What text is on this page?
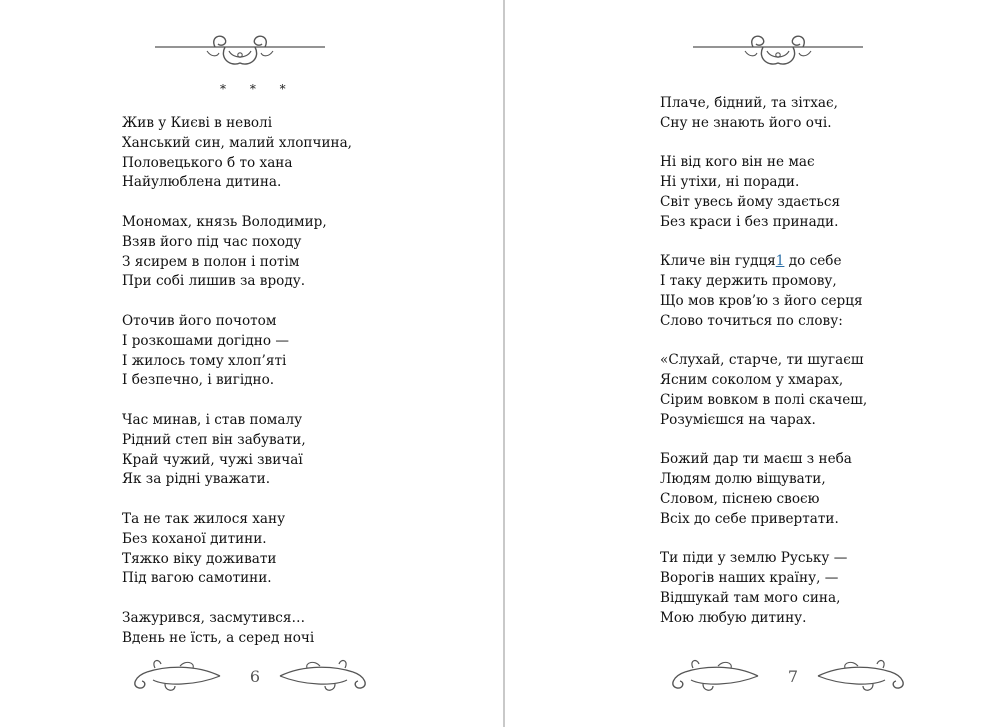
* * *
Жив у Києві в неволі
Ханський син, малий хлопчина,
Половецького б то хана
Найулюблена дитина.
Мономах, князь Володимир,
Взяв його під час походу
З ясирем в полон і потім
При собі лишив за вроду.
Оточив його почотом
І розкошами догідно —
І жилось тому хлоп’яті
І безпечно, і вигідно.
Час минав, і став помалу
Рідний степ він забувати,
Край чужий, чужі звичаї
Як за рідні уважати.
Та не так жилося хану
Без коханої дитини.
Тяжко віку доживати
Під вагою самотини.
Зажурився, засмутився…
Вдень не їсть, а серед ночі
6
Плаче, бідний, та зітхає,
Сну не знають його очі.
Ні від кого він не має
Ні утіхи, ні поради.
Світ увесь йому здається
Без краси і без принади.
Кличе він гудця1 до себе
І таку держить промову,
Що мов кров’ю з його серця
Слово точиться по слову:
«Слухай, старче, ти шугаєш
Ясним соколом у хмарах,
Сірим вовком в полі скачеш,
Розумієшся на чарах.
Божий дар ти маєш з неба
Людям долю віщувати,
Словом, піснею своєю
Всіх до себе привертати.
Ти піди у землю Руську —
Ворогів наших країну, —
Відшукай там мого сина,
Мою любую дитину.
7
